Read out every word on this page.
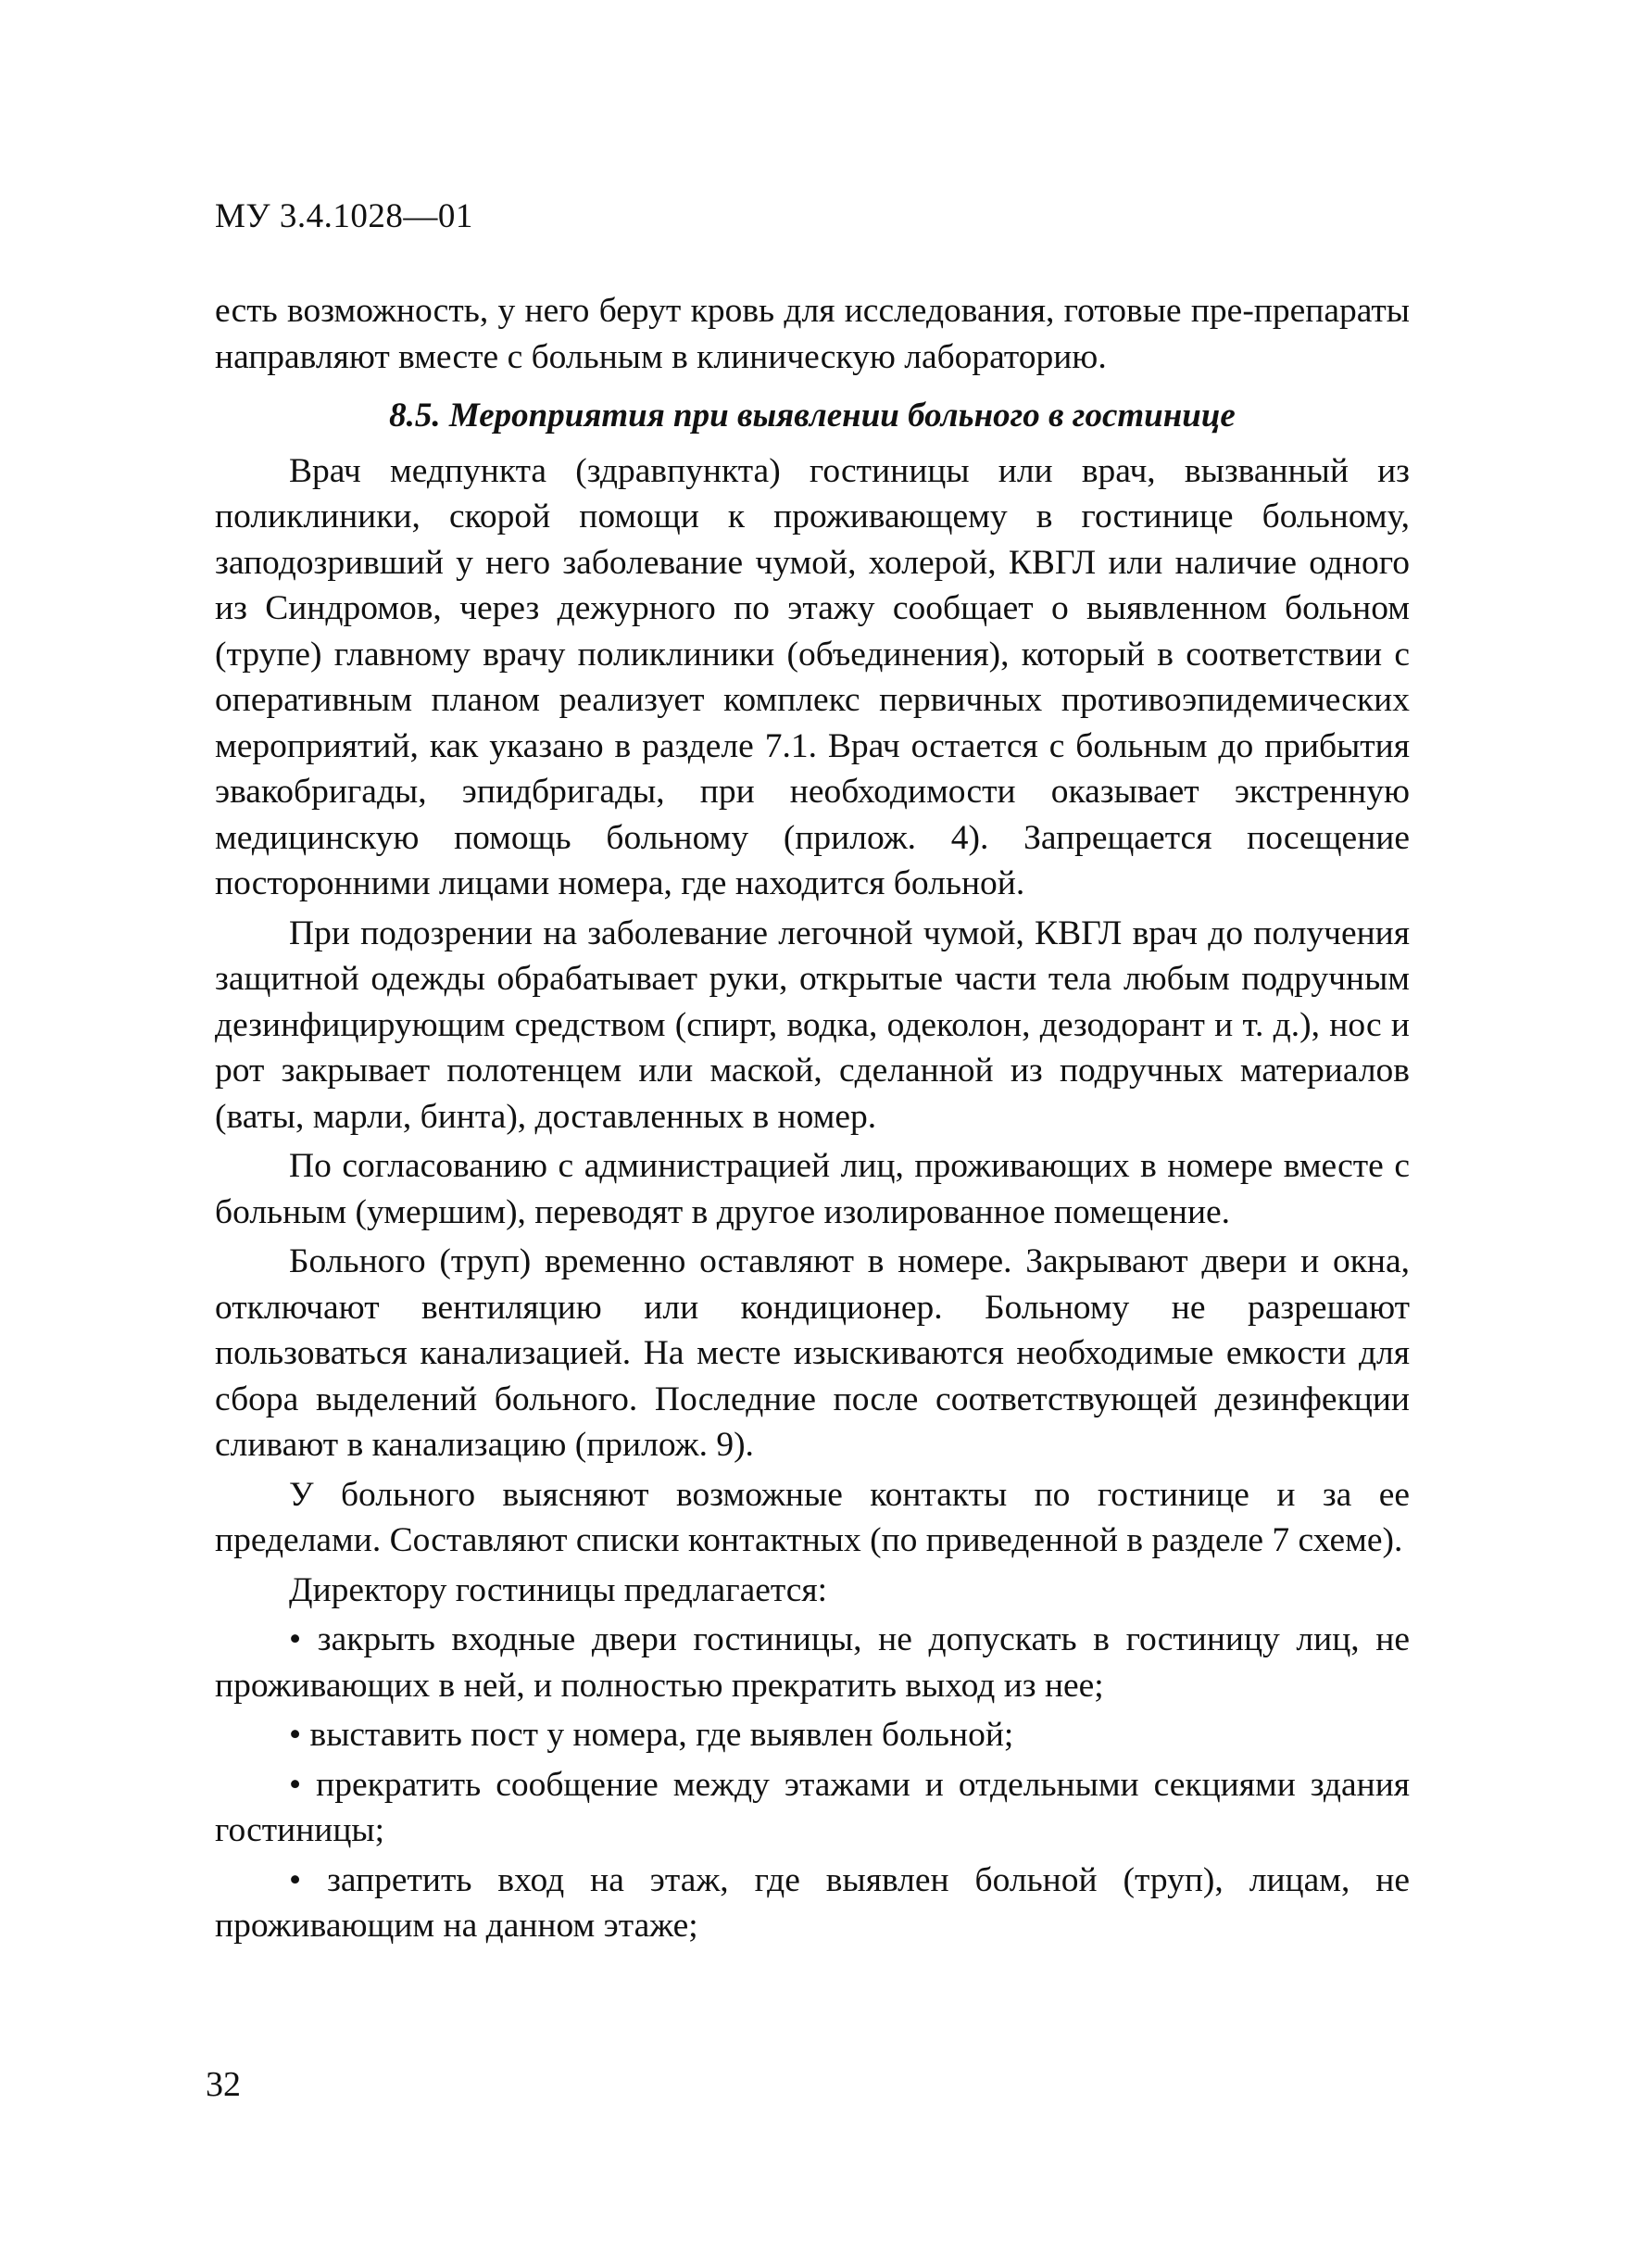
МУ 3.4.1028—01

есть возможность, у него берут кровь для исследования, готовые пре-препараты направляют вместе с больным в клиническую лабораторию.

8.5. Мероприятия при выявлении больного в гостинице

Врач медпункта (здравпункта) гостиницы или врач, вызванный из поликлиники, скорой помощи к проживающему в гостинице больному, заподозривший у него заболевание чумой, холерой, КВГЛ или наличие одного из Синдромов, через дежурного по этажу сообщает о выявленном больном (трупе) главному врачу поликлиники (объединения), который в соответствии с оперативным планом реализует комплекс первичных противоэпидемических мероприятий, как указано в разделе 7.1. Врач остается с больным до прибытия эвакобригады, эпидбригады, при необходимости оказывает экстренную медицинскую помощь больному (прилож. 4). Запрещается посещение посторонними лицами номера, где находится больной.

При подозрении на заболевание легочной чумой, КВГЛ врач до получения защитной одежды обрабатывает руки, открытые части тела любым подручным дезинфицирующим средством (спирт, водка, одеколон, дезодорант и т. д.), нос и рот закрывает полотенцем или маской, сделанной из подручных материалов (ваты, марли, бинта), доставленных в номер.

По согласованию с администрацией лиц, проживающих в номере вместе с больным (умершим), переводят в другое изолированное помещение.

Больного (труп) временно оставляют в номере. Закрывают двери и окна, отключают вентиляцию или кондиционер. Больному не разрешают пользоваться канализацией. На месте изыскиваются необходимые емкости для сбора выделений больного. Последние после соответствующей дезинфекции сливают в канализацию (прилож. 9).

У больного выясняют возможные контакты по гостинице и за ее пределами. Составляют списки контактных (по приведенной в разделе 7 схеме).

Директору гостиницы предлагается:

• закрыть входные двери гостиницы, не допускать в гостиницу лиц, не проживающих в ней, и полностью прекратить выход из нее;

• выставить пост у номера, где выявлен больной;

• прекратить сообщение между этажами и отдельными секциями здания гостиницы;

• запретить вход на этаж, где выявлен больной (труп), лицам, не проживающим на данном этаже;

32
